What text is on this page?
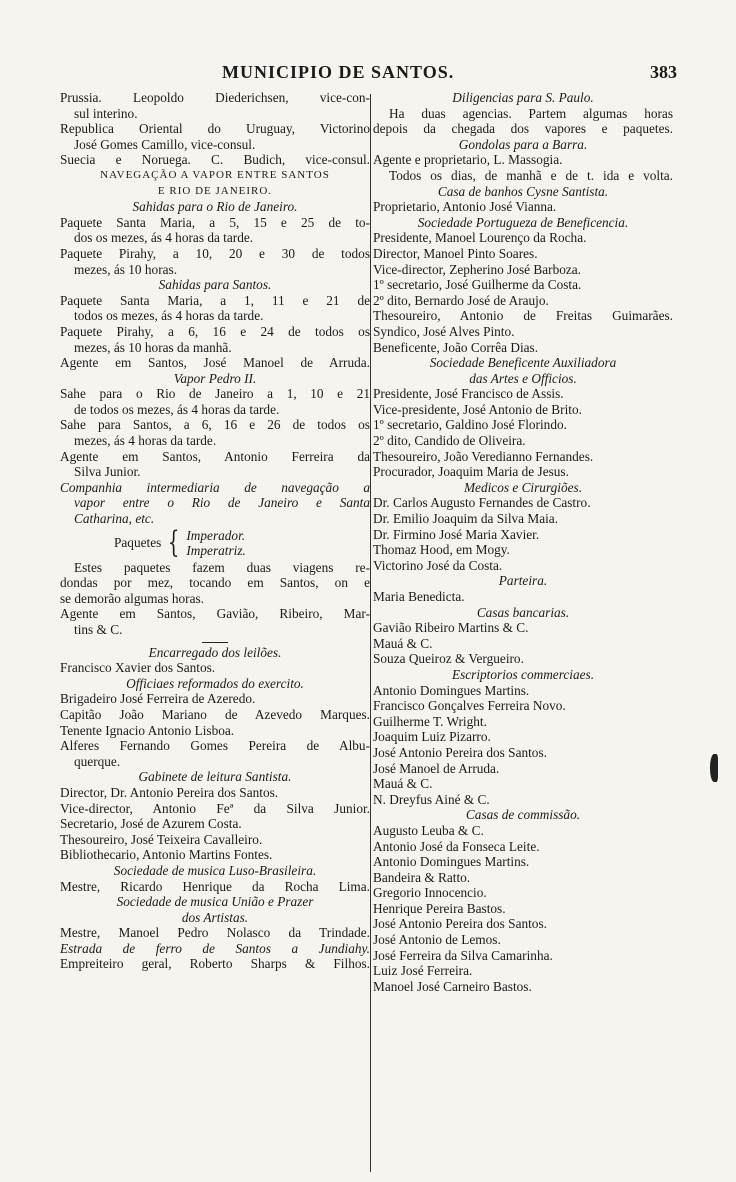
MUNICIPIO DE SANTOS.	383
Prussia. Leopoldo Diederichsen, vice-con-
sul interino.
Republica Oriental do Uruguay, Victorino
José Gomes Camillo, vice-consul.
Suecia e Noruega. C. Budich, vice-consul.
NAVEGAÇÃO A VAPOR ENTRE SANTOS
E RIO DE JANEIRO.
Sahidas para o Rio de Janeiro.
Paquete Santa Maria, a 5, 15 e 25 de to-
dos os mezes, ás 4 horas da tarde.
Paquete Pirahy, a 10, 20 e 30 de todos
mezes, ás 10 horas.
Sahidas para Santos.
Paquete Santa Maria, a 1, 11 e 21 de
todos os mezes, ás 4 horas da tarde.
Paquete Pirahy, a 6, 16 e 24 de todos os
mezes, ás 10 horas da manhã.
Agente em Santos, José Manoel de Arruda.
Vapor Pedro II.
Sahe para o Rio de Janeiro a 1, 10 e 21
de todos os mezes, ás 4 horas da tarde.
Sahe para Santos, a 6, 16 e 26 de todos os
mezes, ás 4 horas da tarde.
Agente em Santos, Antonio Ferreira da
Silva Junior.
Companhia intermediaria de navegação a
vapor entre o Rio de Janeiro e Santa
Catharina, etc.
Paquetes { Imperador.
Imperatriz.
Estes paquetes fazem duas viagens re-
dondas por mez, tocando em Santos, on e
se demorão algumas horas.
Agente em Santos, Gavião, Ribeiro, Mar-
tins & C.
Encarregado dos leilões.
Francisco Xavier dos Santos.
Officiaes reformados do exercito.
Brigadeiro José Ferreira de Azeredo.
Capitão João Mariano de Azevedo Marques.
Tenente Ignacio Antonio Lisboa.
Alferes Fernando Gomes Pereira de Albu-
querque.
Gabinete de leitura Santista.
Director, Dr. Antonio Pereira dos Santos.
Vice-director, Antonio Feª da Silva Junior.
Secretario, José de Azurem Costa.
Thesoureiro, José Teixeira Cavalleiro.
Bibliothecario, Antonio Martins Fontes.
Sociedade de musica Luso-Brasileira.
Mestre, Ricardo Henrique da Rocha Lima.
Sociedade de musica União e Prazer
dos Artistas.
Mestre, Manoel Pedro Nolasco da Trindade.
Estrada de ferro de Santos a Jundiahy.
Empreiteiro geral, Roberto Sharps & Filhos.
Diligencias para S. Paulo.
Ha duas agencias. Partem algumas horas
depois da chegada dos vapores e paquetes.
Gondolas para a Barra.
Agente e proprietario, L. Massogia.
Todos os dias, de manhã e de t. ida e volta.
Casa de banhos Cysne Santista.
Proprietario, Antonio José Vianna.
Sociedade Portugueza de Beneficencia.
Presidente, Manoel Lourenço da Rocha.
Director, Manoel Pinto Soares.
Vice-director, Zepherino José Barboza.
1º secretario, José Guilherme da Costa.
2º dito, Bernardo José de Araujo.
Thesoureiro, Antonio de Freitas Guimarães.
Syndico, José Alves Pinto.
Beneficente, João Corrêa Dias.
Sociedade Beneficente Auxiliadora
das Artes e Officios.
Presidente, José Francisco de Assis.
Vice-presidente, José Antonio de Brito.
1º secretario, Galdino José Florindo.
2º dito, Candido de Oliveira.
Thesoureiro, João Veredianno Fernandes.
Procurador, Joaquim Maria de Jesus.
Medicos e Cirurgiões.
Dr. Carlos Augusto Fernandes de Castro.
Dr. Emilio Joaquim da Silva Maia.
Dr. Firmino José Maria Xavier.
Thomaz Hood, em Mogy.
Victorino José da Costa.
Parteira.
Maria Benedicta.
Casas bancarias.
Gavião Ribeiro Martins & C.
Mauá & C.
Souza Queiroz & Vergueiro.
Escriptorios commerciaes.
Antonio Domingues Martins.
Francisco Gonçalves Ferreira Novo.
Guilherme T. Wright.
Joaquim Luiz Pizarro.
José Antonio Pereira dos Santos.
José Manoel de Arruda.
Mauá & C.
N. Dreyfus Ainé & C.
Casas de commissão.
Augusto Leuba & C.
Antonio José da Fonseca Leite.
Antonio Domingues Martins.
Bandeira & Ratto.
Gregorio Innocencio.
Henrique Pereira Bastos.
José Antonio Pereira dos Santos.
José Antonio de Lemos.
José Ferreira da Silva Camarinha.
Luiz José Ferreira.
Manoel José Carneiro Bastos.
